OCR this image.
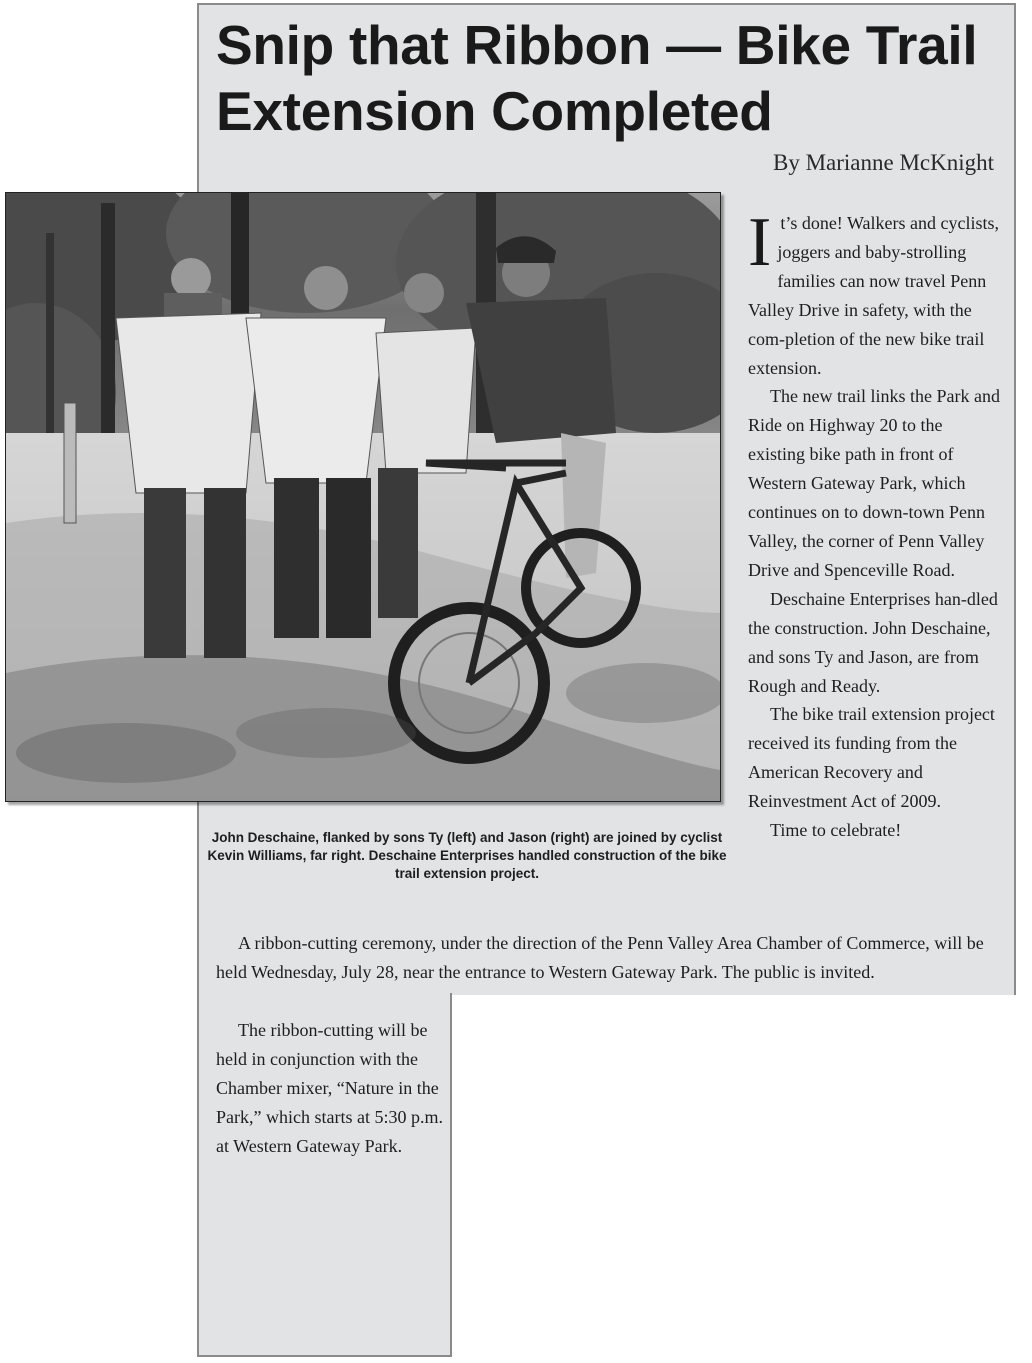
Snip that Ribbon — Bike Trail Extension Completed

By Marianne McKnight

John Deschaine, flanked by sons Ty (left) and Jason (right) are joined by cyclist Kevin Williams, far right. Deschaine Enterprises handled construction of the bike trail extension project.

It’s done! Walkers and cyclists, joggers and baby-strolling families can now travel Penn Valley Drive in safety, with the com-pletion of the new bike trail extension.

The new trail links the Park and Ride on Highway 20 to the existing bike path in front of Western Gateway Park, which continues on to down-town Penn Valley, the corner of Penn Valley Drive and Spenceville Road.

Deschaine Enterprises han-dled the construction. John Deschaine, and sons Ty and Jason, are from Rough and Ready.

The bike trail extension project received its funding from the American Recovery and Reinvestment Act of 2009.

Time to celebrate!

A ribbon-cutting ceremony, under the direction of the Penn Valley Area Chamber of Commerce, will be held Wednesday, July 28, near the entrance to Western Gateway Park. The public is invited.

The ribbon-cutting will be held in conjunction with the Chamber mixer, “Nature in the Park,” which starts at 5:30 p.m. at Western Gateway Park.
